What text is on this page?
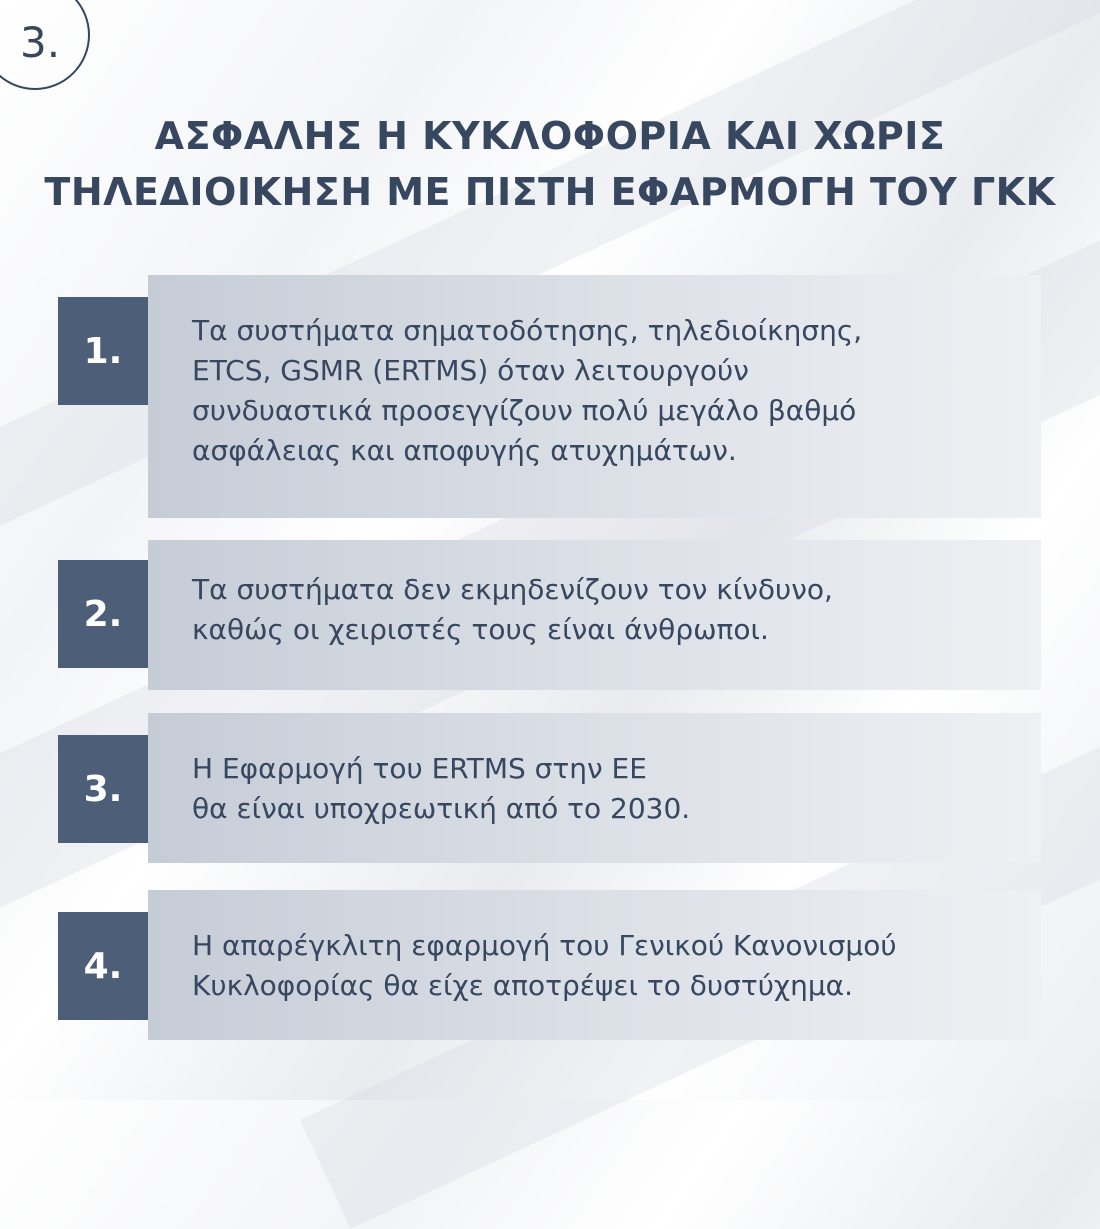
3.
ΑΣΦΑΛΗΣ Η ΚΥΚΛΟΦΟΡΙΑ ΚΑΙ ΧΩΡΙΣ
ΤΗΛΕΔΙΟΙΚΗΣΗ ΜΕ ΠΙΣΤΗ ΕΦΑΡΜΟΓΗ ΤΟΥ ΓΚΚ
Τα συστήματα σηματοδότησης, τηλεδιοίκησης,
ETCS, GSMR (ERTMS) όταν λειτουργούν
συνδυαστικά προσεγγίζουν πολύ μεγάλο βαθμό
ασφάλειας και αποφυγής ατυχημάτων.
1.
Τα συστήματα δεν εκμηδενίζουν τον κίνδυνο,
καθώς οι χειριστές τους είναι άνθρωποι.
2.
Η Εφαρμογή του ERTMS στην ΕΕ
θα είναι υποχρεωτική από το 2030.
3.
Η απαρέγκλιτη εφαρμογή του Γενικού Κανονισμού
Κυκλοφορίας θα είχε αποτρέψει το δυστύχημα.
4.
